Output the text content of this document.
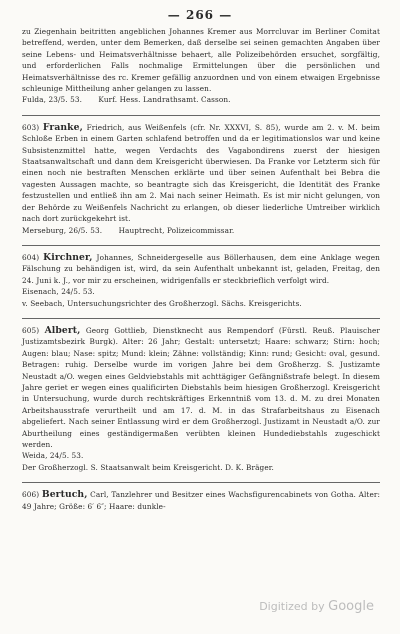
— 266 —

zu Ziegenhain beitritten angeblichen Johannes Kremer aus Morrcluvar im Berliner Comitat betreffend, werden, unter dem Bemerken, daß derselbe sei seinen gemachten Angaben über seine Lebens- und Heimatsverhältnisse behaert, alle Polizeibehörden ersuchet, sorgfältig, und erforderlichen Falls nochmalige Ermittelungen über die persönlichen und Heimatsverhältnisse des rc. Kremer gefällig anzuordnen und von einem etwaigen Ergebnisse schleunige Mittheilung anher gelangen zu lassen.

Fulda, 23/5. 53. Kurf. Hess. Landrathsamt. Casson.

603) Franke, Friedrich, aus Weißenfels (cfr. Nr. XXXVI, S. 85), wurde am 2. v. M. beim Schloße Erben in einem Garten schlafend betroffen und da er legitimationslos war und keine Subsistenzmittel hatte, wegen Verdachts des Vagabondirens zuerst der hiesigen Staatsanwaltschaft und dann dem Kreisgericht überwiesen. Da Franke vor Letzterm sich für einen noch nie bestraften Menschen erklärte und über seinen Aufenthalt bei Bebra die vagesten Aussagen machte, so beantragte sich das Kreisgericht, die Identität des Franke festzustellen und entließ ihn am 2. Mai nach seiner Heimath. Es ist mir nicht gelungen, von der Behörde zu Weißenfels Nachricht zu erlangen, ob dieser liederliche Umtreiber wirklich nach dort zurückgekehrt ist.

Merseburg, 26/5. 53. Hauptrecht, Polizeicommissar.

604) Kirchner, Johannes, Schneidergeselle aus Böllerhausen, dem eine Anklage wegen Fälschung zu behändigen ist, wird, da sein Aufenthalt unbekannt ist, geladen, Freitag, den 24. Juni k. J., vor mir zu erscheinen, widrigenfalls er steckbrieflich verfolgt wird.

Eisenach, 24/5. 53.
v. Seebach, Untersuchungsrichter des Großherzogl. Sächs. Kreisgerichts.

605) Albert, Georg Gottlieb, Dienstknecht aus Rempendorf (Fürstl. Reuß. Plauischer Justizamtsbezirk Burgk). Alter: 26 Jahr; Gestalt: untersetzt; Haare: schwarz; Stirn: hoch; Augen: blau; Nase: spitz; Mund: klein; Zähne: vollständig; Kinn: rund; Gesicht: oval, gesund. Betragen: ruhig. Derselbe wurde im vorigen Jahre bei dem Großherzg. S. Justizamte Neustadt a/O. wegen eines Geldviebstahls mit achttägiger Gefängnißstrafe belegt. In diesem Jahre geriet er wegen eines qualificirten Diebstahls beim hiesigen Großherzogl. Kreisgericht in Untersuchung, wurde durch rechtskräftiges Erkenntniß vom 13. d. M. zu drei Monaten Arbeitshausstrafe verurtheilt und am 17. d. M. in das Strafarbeitshaus zu Eisenach abgeliefert. Nach seiner Entlassung wird er dem Großherzogl. Justizamt in Neustadt a/O. zur Aburtheilung eines geständigermaßen verübten kleinen Hundediebstahls zugeschickt werden.

Weida, 24/5. 53.
Der Großherzogl. S. Staatsanwalt beim Kreisgericht. D. K. Bräger.

606) Bertuch, Carl, Tanzlehrer und Besitzer eines Wachsfigurencabinets von Gotha. Alter: 49 Jahre; Größe: 6′ 6″; Haare: dunkle-

Digitized by Google
